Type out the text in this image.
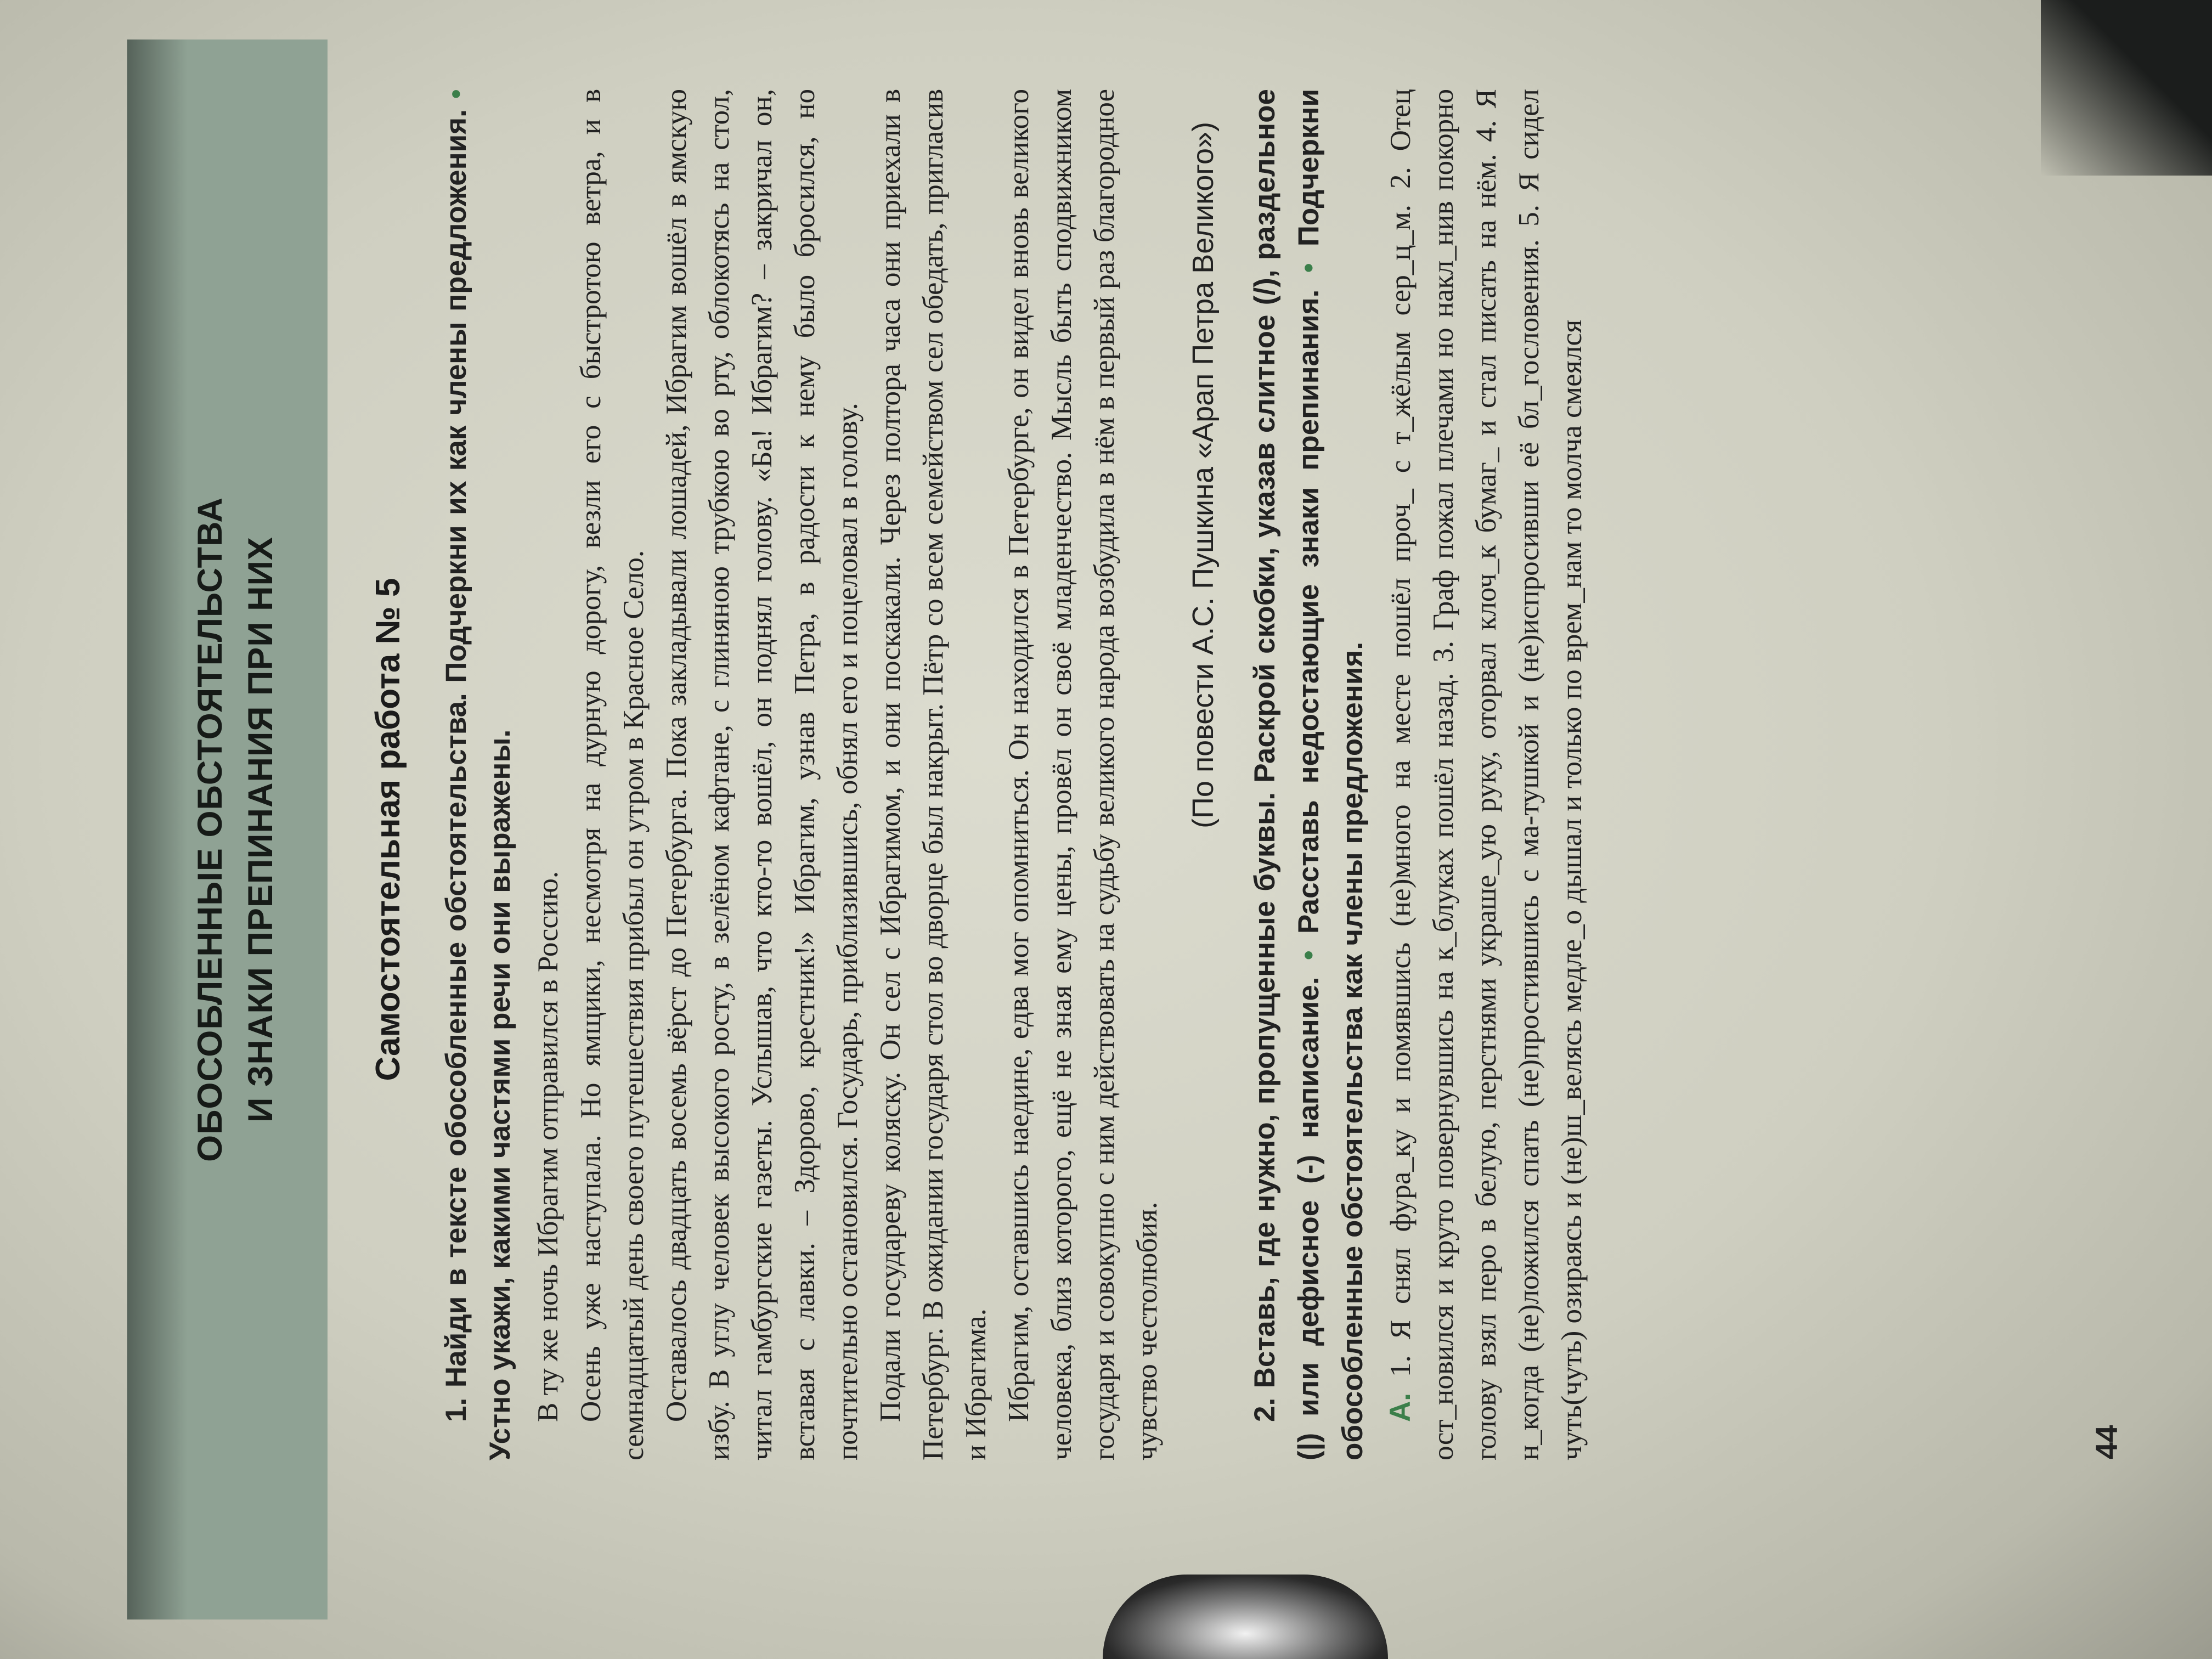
ОБОСОБЛЕННЫЕ ОБСТОЯТЕЛЬСТВА И ЗНАКИ ПРЕПИНАНИЯ ПРИ НИХ	Самостоятельная работа № 5

1. Найди в тексте обособленные обстоятельства. Подчеркни их как члены предложения. • Устно укажи, какими частями речи они выражены. В ту же ночь Ибрагим отправился в Россию. Осень уже наступала. Но ямщики, несмотря на дурную дорогу, везли его с быстротою ветра, и в семнадцатый день своего путешествия прибыл он утром в Красное Село. Оставалось двадцать восемь вёрст до Петербурга. Пока закладывали лошадей, Ибрагим вошёл в ямскую избу. В углу человек высокого росту, в зелёном кафтане, с глиняною трубкою во рту, облокотясь на стол, читал гамбургские газеты. Услышав, что кто-то вошёл, он поднял голову. «Ба! Ибрагим? – закричал он, вставая с лавки. – Здорово, крестник!» Ибрагим, узнав Петра, в радости к нему было бросился, но почтительно остановился. Государь, приблизившись, обнял его и поцеловал в голову. Подали государеву коляску. Он сел с Ибрагимом, и они поскакали. Через полтора часа они приехали в Петербург. В ожидании государя стол во дворце был накрыт. Пётр со всем семейством сел обедать, пригласив и Ибрагима. Ибрагим, оставшись наедине, едва мог опомниться. Он находился в Петербурге, он видел вновь великого человека, близ которого, ещё не зная ему цены, провёл он своё младенчество. Мысль быть сподвижником государя и совокупно с ним действовать на судьбу великого народа возбудила в нём в первый раз благородное чувство честолюбия.

(По повести А.С. Пушкина «Арап Петра Великого»)

2. Вставь, где нужно, пропущенные буквы. Раскрой скобки, указав слитное (/), раздельное (|) или дефисное (-) написание. • Расставь недостающие знаки препинания. • Подчеркни обособленные обстоятельства как члены предложения. А. 1. Я снял фура_ку и помявшись (не)много на месте пошёл проч_ с т_жёлым сер_ц_м. 2. Отец ост_новился и круто повернувшись на к_блуках пошёл назад. 3. Граф пожал плечами но накл_нив покорно голову взял перо в белую, перстнями украше_ую руку, оторвал клоч_к бумаг_ и стал писать на нём. 4. Я н_когда (не)ложился спать (не)простившись с ма-тушкой и (не)испросивши её бл_гословения. 5. Я сидел чуть(чуть) озираясь и (не)ш_велясь медле_о дышал и только по врем_нам то молча смеялся	44
